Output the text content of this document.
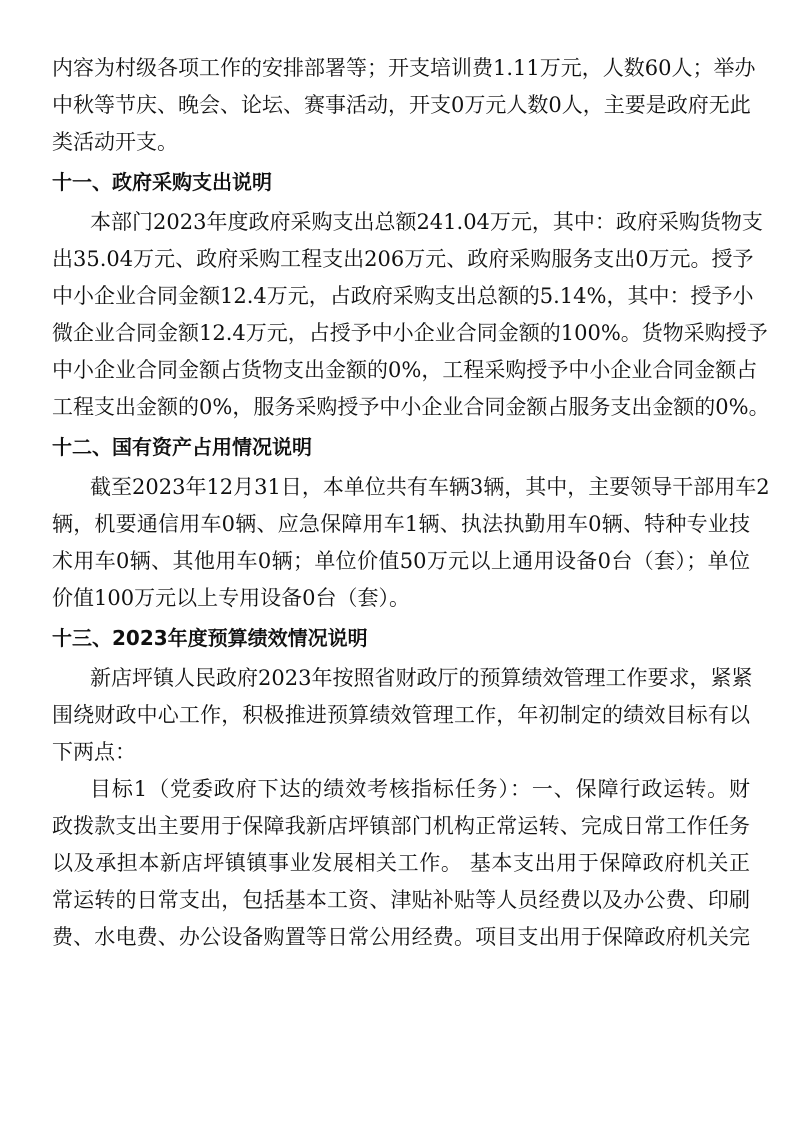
内容为村级各项工作的安排部署等；开支培训费1.11万元，人数60人；举办
中秋等节庆、晚会、论坛、赛事活动，开支0万元人数0人，主要是政府无此
类活动开支。
十一、政府采购支出说明
本部门2023年度政府采购支出总额241.04万元，其中：政府采购货物支
出35.04万元、政府采购工程支出206万元、政府采购服务支出0万元。授予
中小企业合同金额12.4万元，占政府采购支出总额的5.14%，其中：授予小
微企业合同金额12.4万元，占授予中小企业合同金额的100%。货物采购授予
中小企业合同金额占货物支出金额的0%，工程采购授予中小企业合同金额占
工程支出金额的0%，服务采购授予中小企业合同金额占服务支出金额的0%。
十二、国有资产占用情况说明
截至2023年12月31日，本单位共有车辆3辆，其中，主要领导干部用车2
辆，机要通信用车0辆、应急保障用车1辆、执法执勤用车0辆、特种专业技
术用车0辆、其他用车0辆；单位价值50万元以上通用设备0台（套）；单位
价值100万元以上专用设备0台（套）。
十三、2023年度预算绩效情况说明
新店坪镇人民政府2023年按照省财政厅的预算绩效管理工作要求，紧紧
围绕财政中心工作，积极推进预算绩效管理工作，年初制定的绩效目标有以
下两点：
目标1（党委政府下达的绩效考核指标任务）：一、保障行政运转。财
政拨款支出主要用于保障我新店坪镇部门机构正常运转、完成日常工作任务
以及承担本新店坪镇镇事业发展相关工作。 基本支出用于保障政府机关正
常运转的日常支出，包括基本工资、津贴补贴等人员经费以及办公费、印刷
费、水电费、办公设备购置等日常公用经费。项目支出用于保障政府机关完
